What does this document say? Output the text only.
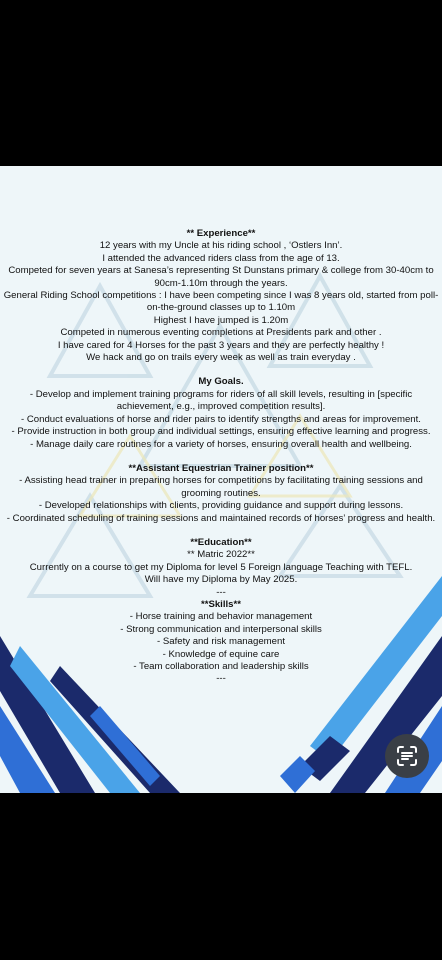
** Experience**

12 years with my Uncle at his riding school , ‘Ostlers Inn’.

I attended the advanced riders class from the age of 13.

Competed for seven years at Sanesa’s representing St Dunstans primary & college from 30-40cm to 90cm-1.10m through the years.

General Riding School competitions : I have been competing since I was 8 years old, started from poll-on-the-ground classes up to 1.10m

Highest I have jumped is 1.20m

Competed in numerous eventing completions at Presidents park and other .

I have cared for 4 Horses for the past 3 years and they are perfectly healthy !

We hack and go on trails every week as well as train everyday .

My Goals.

- Develop and implement training programs for riders of all skill levels, resulting in [specific achievement, e.g., improved competition results].

- Conduct evaluations of horse and rider pairs to identify strengths and areas for improvement.

- Provide instruction in both group and individual settings, ensuring effective learning and progress.

- Manage daily care routines for a variety of horses, ensuring overall health and wellbeing.

**Assistant Equestrian Trainer position**

- Assisting head trainer in preparing horses for competitions by facilitating training sessions and grooming routines.

- Developed relationships with clients, providing guidance and support during lessons.

- Coordinated scheduling of training sessions and maintained records of horses’ progress and health.

**Education**

** Matric 2022**

Currently on a course to get my Diploma for level 5 Foreign language Teaching with TEFL.

Will have my Diploma by May 2025.

---

**Skills**

- Horse training and behavior management

- Strong communication and interpersonal skills

- Safety and risk management

- Knowledge of equine care

- Team collaboration and leadership skills

---
